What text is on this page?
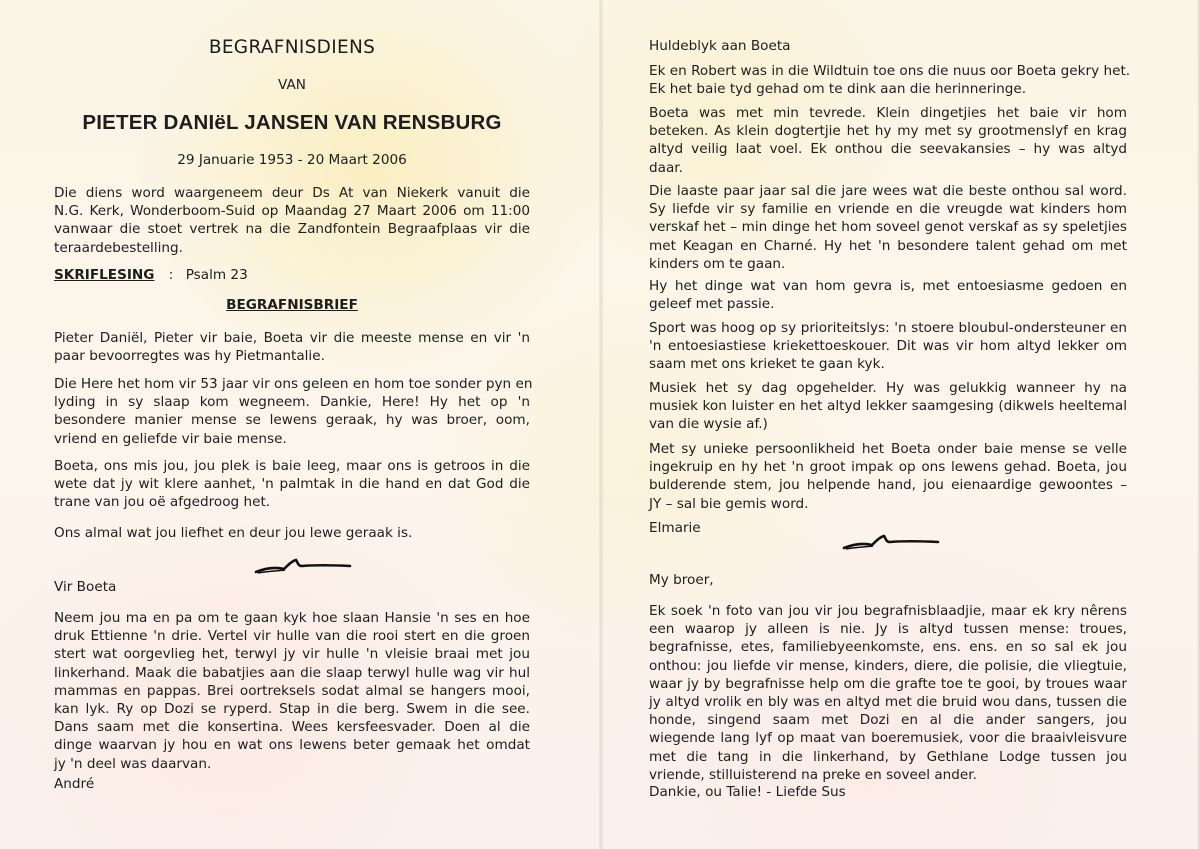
BEGRAFNISDIENS
VAN
PIETER DANIëL JANSEN VAN RENSBURG
29 Januarie 1953 - 20 Maart 2006
Die diens word waargeneem deur Ds At van Niekerk vanuit die
N.G. Kerk, Wonderboom-Suid op Maandag 27 Maart 2006 om 11:00
vanwaar die stoet vertrek na die Zandfontein Begraafplaas vir die
teraardebestelling.
SKRIFLESING : Psalm 23
BEGRAFNISBRIEF
Pieter Daniël, Pieter vir baie, Boeta vir die meeste mense en vir 'n
paar bevoorregtes was hy Pietmantalie.
Die Here het hom vir 53 jaar vir ons geleen en hom toe sonder pyn en
lyding in sy slaap kom wegneem. Dankie, Here! Hy het op 'n
besondere manier mense se lewens geraak, hy was broer, oom,
vriend en geliefde vir baie mense.
Boeta, ons mis jou, jou plek is baie leeg, maar ons is getroos in die
wete dat jy wit klere aanhet, 'n palmtak in die hand en dat God die
trane van jou oë afgedroog het.
Ons almal wat jou liefhet en deur jou lewe geraak is.
Vir Boeta
Neem jou ma en pa om te gaan kyk hoe slaan Hansie 'n ses en hoe
druk Ettienne 'n drie. Vertel vir hulle van die rooi stert en die groen
stert wat oorgevlieg het, terwyl jy vir hulle 'n vleisie braai met jou
linkerhand. Maak die babatjies aan die slaap terwyl hulle wag vir hul
mammas en pappas. Brei oortreksels sodat almal se hangers mooi,
kan lyk. Ry op Dozi se ryperd. Stap in die berg. Swem in die see.
Dans saam met die konsertina. Wees kersfeesvader. Doen al die
dinge waarvan jy hou en wat ons lewens beter gemaak het omdat
jy 'n deel was daarvan.
André
Huldeblyk aan Boeta
Ek en Robert was in die Wildtuin toe ons die nuus oor Boeta gekry het.
Ek het baie tyd gehad om te dink aan die herinneringe.
Boeta was met min tevrede. Klein dingetjies het baie vir hom
beteken. As klein dogtertjie het hy my met sy grootmenslyf en krag
altyd veilig laat voel. Ek onthou die seevakansies – hy was altyd
daar.
Die laaste paar jaar sal die jare wees wat die beste onthou sal word.
Sy liefde vir sy familie en vriende en die vreugde wat kinders hom
verskaf het – min dinge het hom soveel genot verskaf as sy speletjies
met Keagan en Charné. Hy het 'n besondere talent gehad om met
kinders om te gaan.
Hy het dinge wat van hom gevra is, met entoesiasme gedoen en
geleef met passie.
Sport was hoog op sy prioriteitslys: 'n stoere bloubul-ondersteuner en
'n entoesiastiese kriekettoeskouer. Dit was vir hom altyd lekker om
saam met ons krieket te gaan kyk.
Musiek het sy dag opgehelder. Hy was gelukkig wanneer hy na
musiek kon luister en het altyd lekker saamgesing (dikwels heeltemal
van die wysie af.)
Met sy unieke persoonlikheid het Boeta onder baie mense se velle
ingekruip en hy het 'n groot impak op ons lewens gehad. Boeta, jou
bulderende stem, jou helpende hand, jou eienaardige gewoontes –
JY – sal bie gemis word.
Elmarie
My broer,
Ek soek 'n foto van jou vir jou begrafnisblaadjie, maar ek kry nêrens
een waarop jy alleen is nie. Jy is altyd tussen mense: troues,
begrafnisse, etes, familiebyeenkomste, ens. ens. en so sal ek jou
onthou: jou liefde vir mense, kinders, diere, die polisie, die vliegtuie,
waar jy by begrafnisse help om die grafte toe te gooi, by troues waar
jy altyd vrolik en bly was en altyd met die bruid wou dans, tussen die
honde, singend saam met Dozi en al die ander sangers, jou
wiegende lang lyf op maat van boeremusiek, voor die braaivleisvure
met die tang in die linkerhand, by Gethlane Lodge tussen jou
vriende, stilluisterend na preke en soveel ander.
Dankie, ou Talie! - Liefde Sus
